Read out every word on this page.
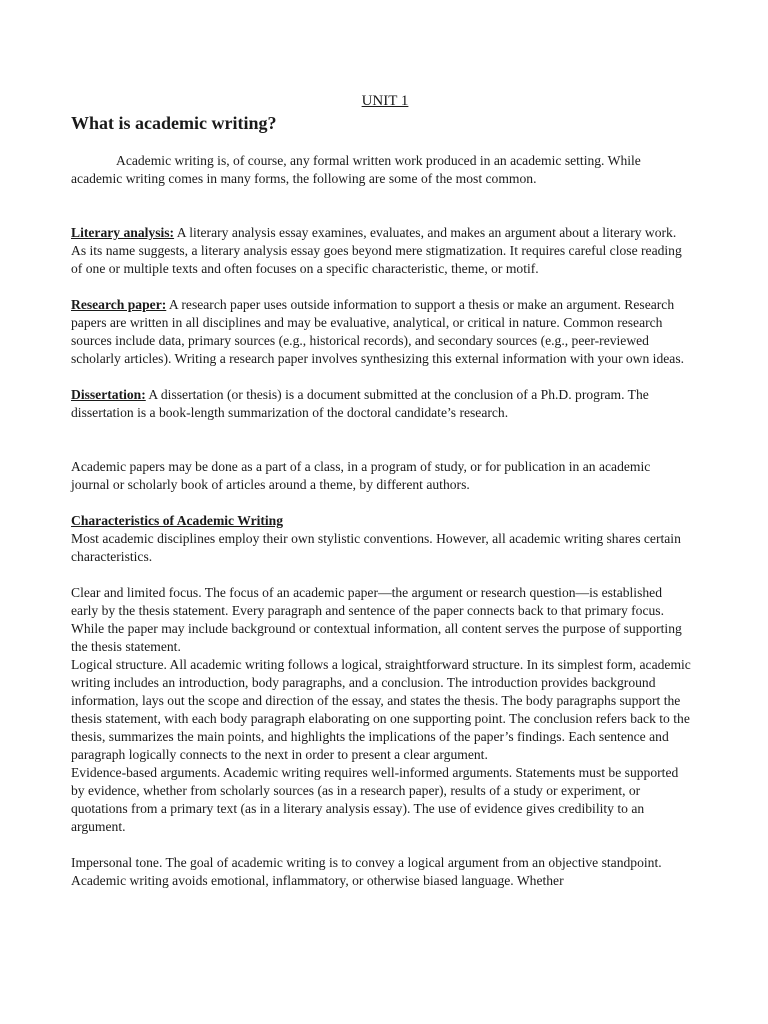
UNIT 1
What is academic writing?

Academic writing is, of course, any formal written work produced in an academic setting. While academic writing comes in many forms, the following are some of the most common.

Literary analysis: A literary analysis essay examines, evaluates, and makes an argument about a literary work. As its name suggests, a literary analysis essay goes beyond mere stigmatization. It requires careful close reading of one or multiple texts and often focuses on a specific characteristic, theme, or motif.

Research paper: A research paper uses outside information to support a thesis or make an argument. Research papers are written in all disciplines and may be evaluative, analytical, or critical in nature. Common research sources include data, primary sources (e.g., historical records), and secondary sources (e.g., peer-reviewed scholarly articles). Writing a research paper involves synthesizing this external information with your own ideas.

Dissertation: A dissertation (or thesis) is a document submitted at the conclusion of a Ph.D. program. The dissertation is a book-length summarization of the doctoral candidate’s research.

Academic papers may be done as a part of a class, in a program of study, or for publication in an academic journal or scholarly book of articles around a theme, by different authors.

Characteristics of Academic Writing

Most academic disciplines employ their own stylistic conventions. However, all academic writing shares certain characteristics.

Clear and limited focus. The focus of an academic paper—the argument or research question—is established early by the thesis statement. Every paragraph and sentence of the paper connects back to that primary focus. While the paper may include background or contextual information, all content serves the purpose of supporting the thesis statement.

Logical structure. All academic writing follows a logical, straightforward structure. In its simplest form, academic writing includes an introduction, body paragraphs, and a conclusion. The introduction provides background information, lays out the scope and direction of the essay, and states the thesis. The body paragraphs support the thesis statement, with each body paragraph elaborating on one supporting point. The conclusion refers back to the thesis, summarizes the main points, and highlights the implications of the paper’s findings. Each sentence and paragraph logically connects to the next in order to present a clear argument.

Evidence-based arguments. Academic writing requires well-informed arguments. Statements must be supported by evidence, whether from scholarly sources (as in a research paper), results of a study or experiment, or quotations from a primary text (as in a literary analysis essay). The use of evidence gives credibility to an argument.

Impersonal tone. The goal of academic writing is to convey a logical argument from an objective standpoint. Academic writing avoids emotional, inflammatory, or otherwise biased language. Whether
